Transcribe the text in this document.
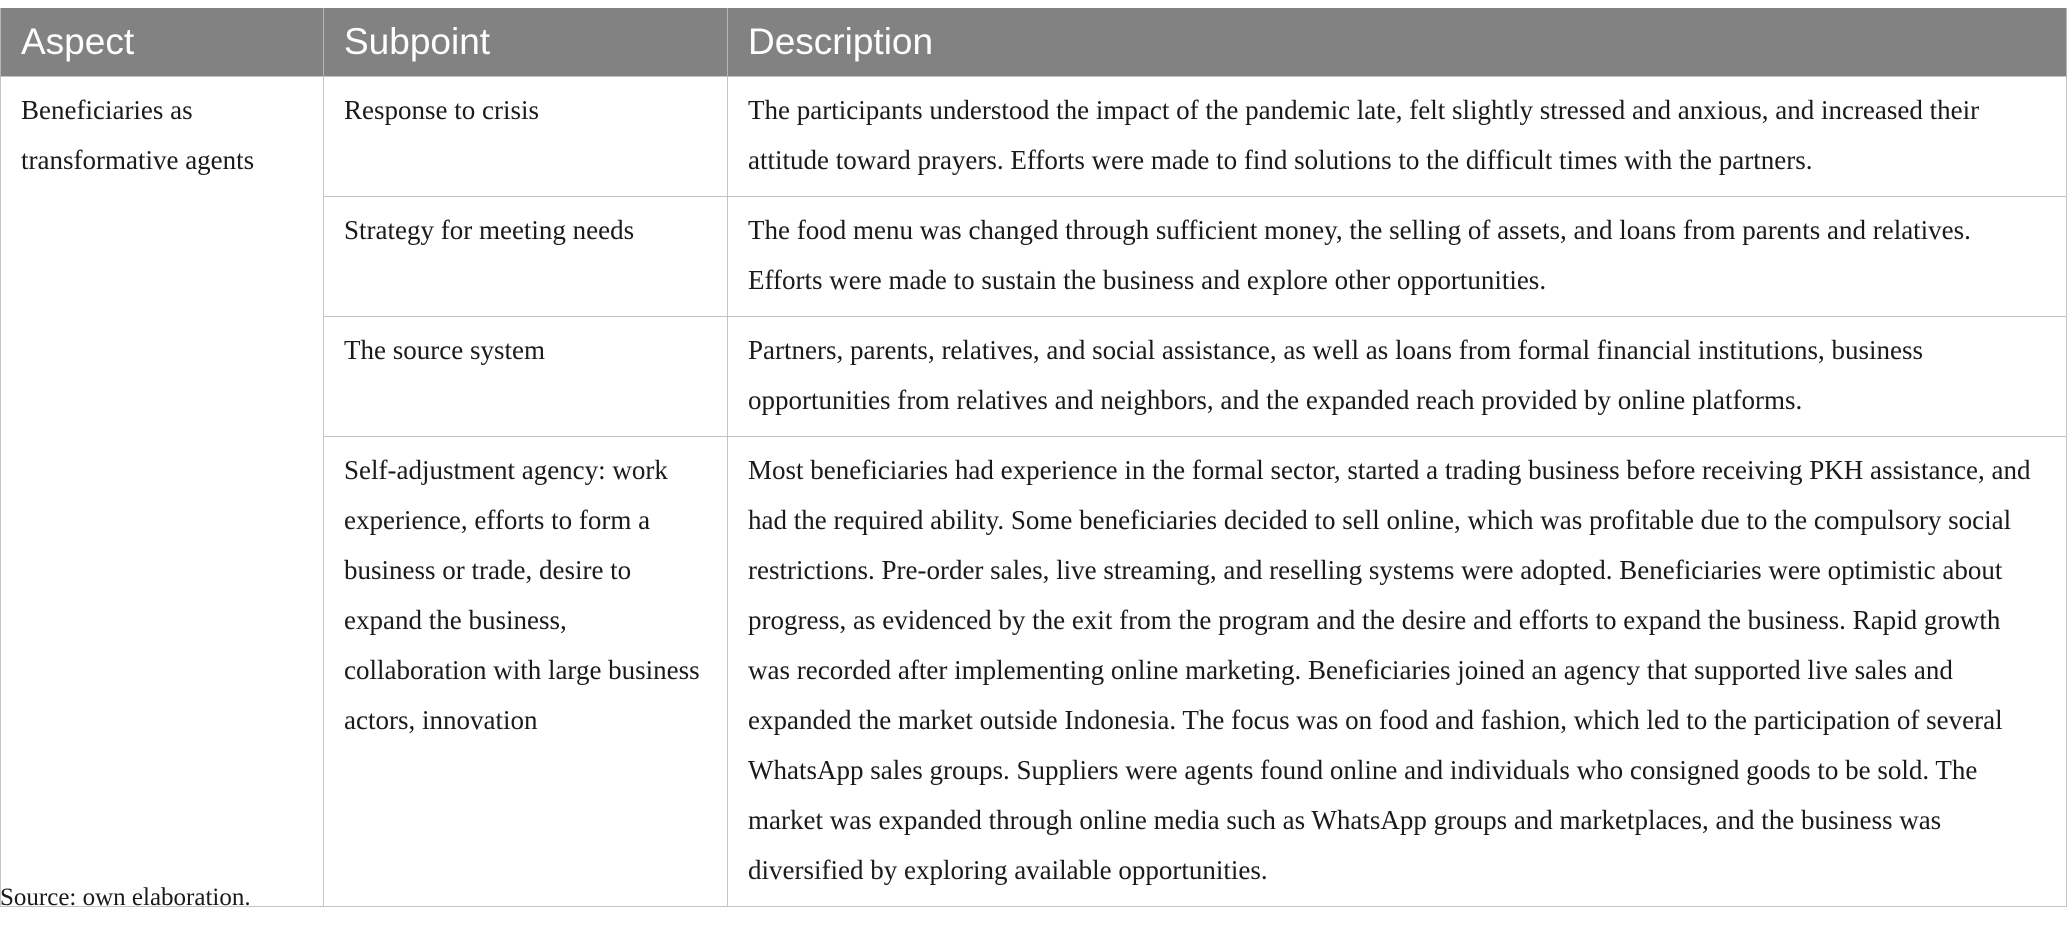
Aspect	Subpoint	Description
Beneficiaries as transformative agents	Response to crisis	The participants understood the impact of the pandemic late, felt slightly stressed and anxious, and increased their attitude toward prayers. Efforts were made to find solutions to the difficult times with the partners.
	Strategy for meeting needs	The food menu was changed through sufficient money, the selling of assets, and loans from parents and relatives. Efforts were made to sustain the business and explore other opportunities.
	The source system	Partners, parents, relatives, and social assistance, as well as loans from formal financial institutions, business opportunities from relatives and neighbors, and the expanded reach provided by online platforms.
	Self-adjustment agency: work experience, efforts to form a business or trade, desire to expand the business, collaboration with large business actors, innovation	Most beneficiaries had experience in the formal sector, started a trading business before receiving PKH assistance, and had the required ability. Some beneficiaries decided to sell online, which was profitable due to the compulsory social restrictions. Pre-order sales, live streaming, and reselling systems were adopted. Beneficiaries were optimistic about progress, as evidenced by the exit from the program and the desire and efforts to expand the business. Rapid growth was recorded after implementing online marketing. Beneficiaries joined an agency that supported live sales and expanded the market outside Indonesia. The focus was on food and fashion, which led to the participation of several WhatsApp sales groups. Suppliers were agents found online and individuals who consigned goods to be sold. The market was expanded through online media such as WhatsApp groups and marketplaces, and the business was diversified by exploring available opportunities.
Source: own elaboration.
